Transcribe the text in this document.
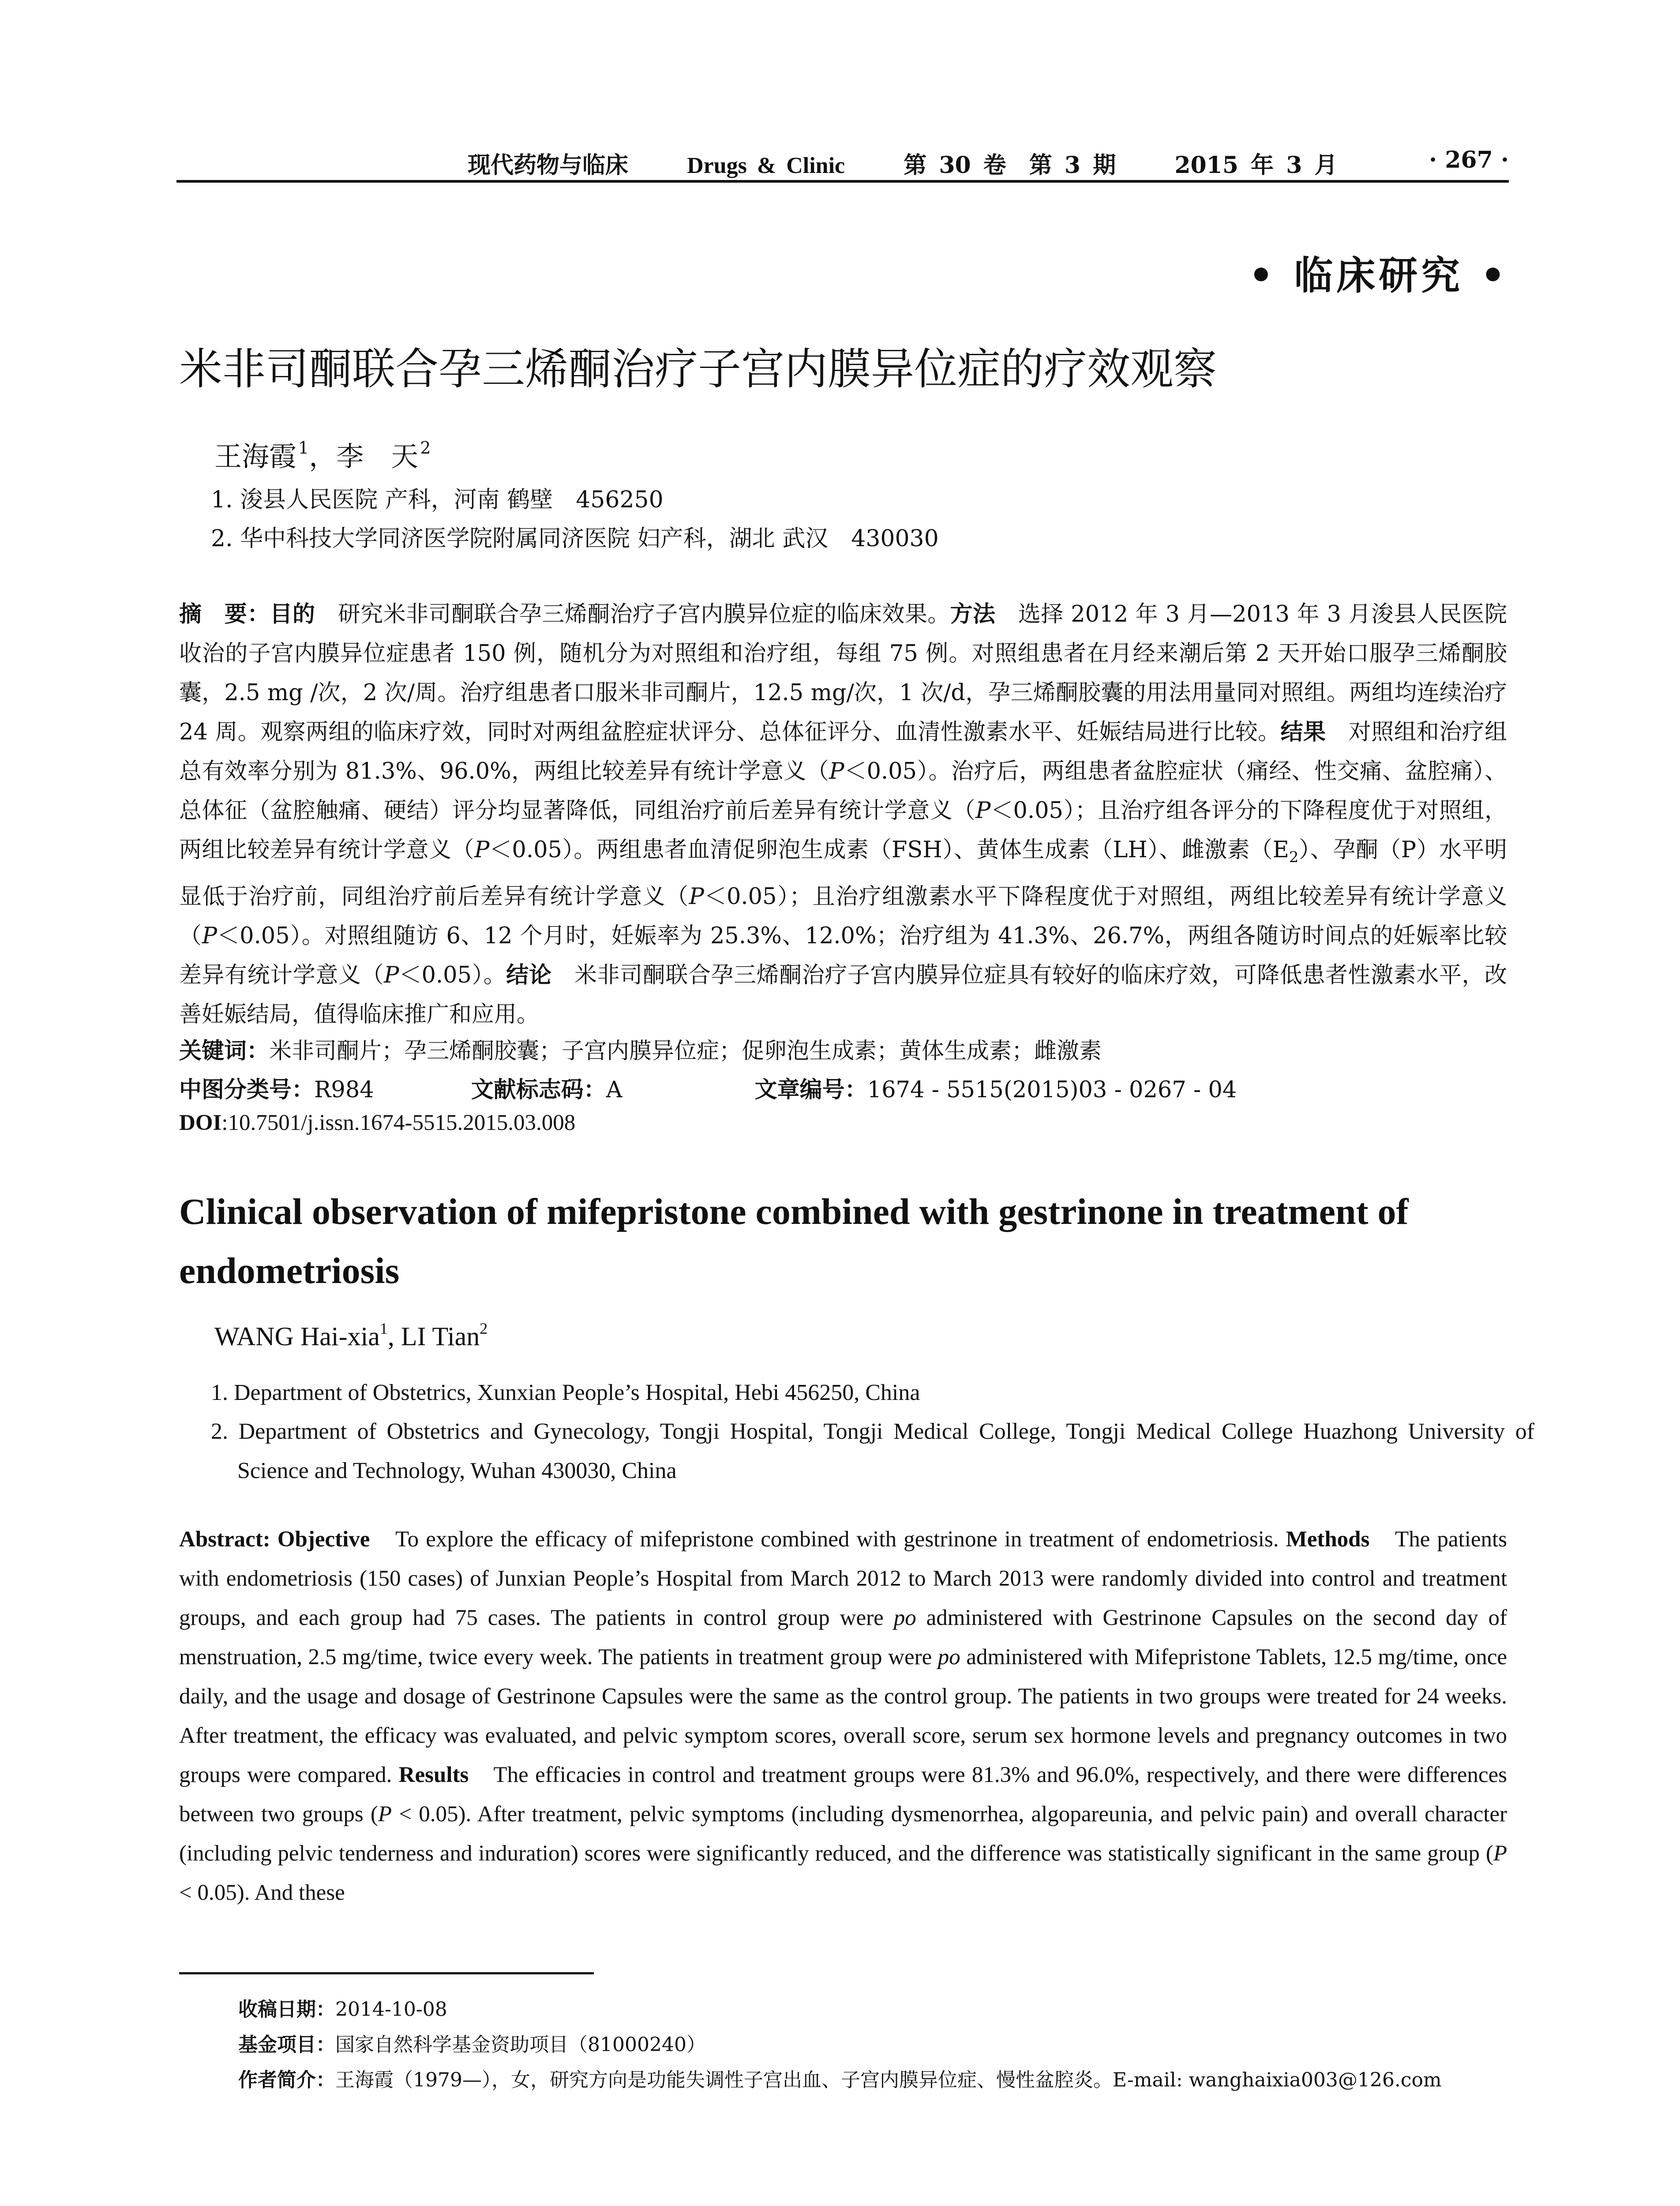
现代药物与临床	Drugs & Clinic	第 30 卷　第 3 期	2015 年 3 月	· 267 ·
• 临床研究 •
米非司酮联合孕三烯酮治疗子宫内膜异位症的疗效观察
王海霞 $^1$，李　天 $^2$
1. 浚县人民医院 产科，河南 鹤壁　456250
2. 华中科技大学同济医学院附属同济医院 妇产科，湖北 武汉　430030
摘　要：目的　研究米非司酮联合孕三烯酮治疗子宫内膜异位症的临床效果。方法　选择 2012 年 3 月—2013 年 3 月浚县人民医院收治的子宫内膜异位症患者 150 例，随机分为对照组和治疗组，每组 75 例。对照组患者在月经来潮后第 2 天开始口服孕三烯酮胶囊，2.5 mg /次，2 次/周。治疗组患者口服米非司酮片，12.5 mg/次，1 次/d，孕三烯酮胶囊的用法用量同对照组。两组均连续治疗 24 周。观察两组的临床疗效，同时对两组盆腔症状评分、总体征评分、血清性激素水平、妊娠结局进行比较。结果　对照组和治疗组总有效率分别为 81.3%、96.0%，两组比较差异有统计学意义（P＜0.05）。治疗后，两组患者盆腔症状（痛经、性交痛、盆腔痛）、总体征（盆腔触痛、硬结）评分均显著降低，同组治疗前后差异有统计学意义（P＜0.05）；且治疗组各评分的下降程度优于对照组，两组比较差异有统计学意义（P＜0.05）。两组患者血清促卵泡生成素（FSH）、黄体生成素（LH）、雌激素$(E_2)$、孕酮（P）水平明显低于治疗前，同组治疗前后差异有统计学意义（P＜0.05）；且治疗组激素水平下降程度优于对照组，两组比较差异有统计学意义（P＜0.05）。对照组随访 6、12 个月时，妊娠率为 25.3%、12.0%；治疗组为 41.3%、26.7%，两组各随访时间点的妊娠率比较差异有统计学意义（P＜0.05）。结论　米非司酮联合孕三烯酮治疗子宫内膜异位症具有较好的临床疗效，可降低患者性激素水平，改善妊娠结局，值得临床推广和应用。
关键词：米非司酮片；孕三烯酮胶囊；子宫内膜异位症；促卵泡生成素；黄体生成素；雌激素
中图分类号：R984	文献标志码：A	文章编号：1674 - 5515(2015)03 - 0267 - 04
DOI:10.7501/j.issn.1674-5515.2015.03.008
Clinical observation of mifepristone combined with gestrinone in treatment of endometriosis
WANG Hai-xia$^1$, LI Tian$^2$
1. Department of Obstetrics, Xunxian People’s Hospital, Hebi 456250, China
2. Department of Obstetrics and Gynecology, Tongji Hospital, Tongji Medical College, Tongji Medical College Huazhong University of Science and Technology, Wuhan 430030, China
Abstract: Objective　To explore the efficacy of mifepristone combined with gestrinone in treatment of endometriosis. Methods　The patients with endometriosis (150 cases) of Junxian People’s Hospital from March 2012 to March 2013 were randomly divided into control and treatment groups, and each group had 75 cases. The patients in control group were po administered with Gestrinone Capsules on the second day of menstruation, 2.5 mg/time, twice every week. The patients in treatment group were po administered with Mifepristone Tablets, 12.5 mg/time, once daily, and the usage and dosage of Gestrinone Capsules were the same as the control group. The patients in two groups were treated for 24 weeks. After treatment, the efficacy was evaluated, and pelvic symptom scores, overall score, serum sex hormone levels and pregnancy outcomes in two groups were compared. Results　The efficacies in control and treatment groups were 81.3% and 96.0%, respectively, and there were differences between two groups (P < 0.05). After treatment, pelvic symptoms (including dysmenorrhea, algopareunia, and pelvic pain) and overall character (including pelvic tenderness and induration) scores were significantly reduced, and the difference was statistically significant in the same group (P < 0.05). And these
收稿日期：2014-10-08
基金项目：国家自然科学基金资助项目（81000240）
作者简介：王海霞（1979—），女，研究方向是功能失调性子宫出血、子宫内膜异位症、慢性盆腔炎。E-mail: wanghaixia003@126.com
